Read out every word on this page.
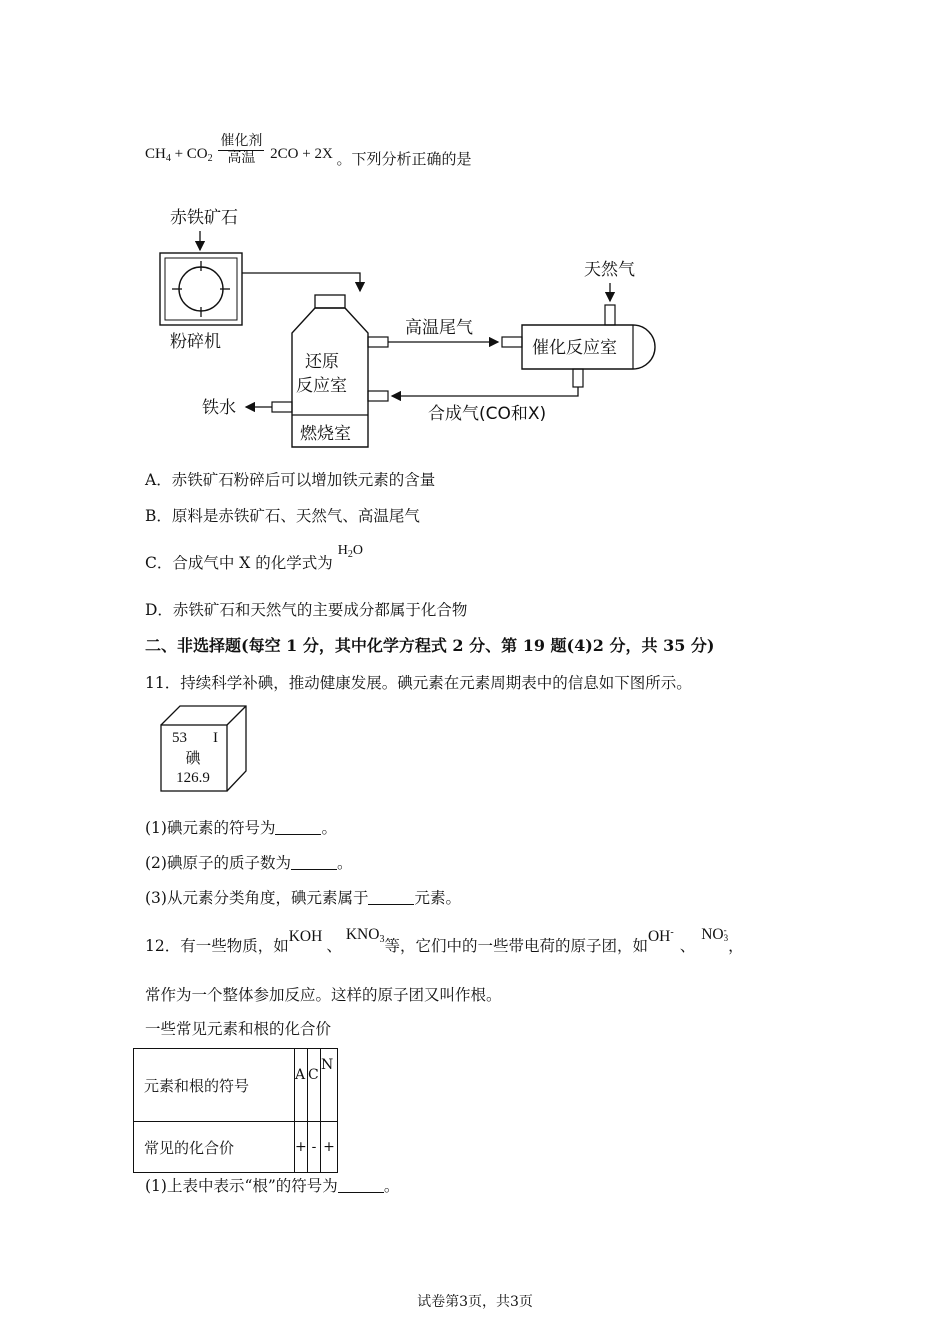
$CH_4 + CO_2 \frac{\text{催化剂}}{\text{高温}} 2CO + 2X$ 。下列分析正确的是
赤铁矿石
粉碎机
还原
反应室
燃烧室
铁水
高温尾气
催化反应室
天然气
合成气(CO和X)
A．赤铁矿石粉碎后可以增加铁元素的含量
B．原料是赤铁矿石、天然气、高温尾气
C．合成气中 X 的化学式为 $H_2O$
D．赤铁矿石和天然气的主要成分都属于化合物
二、非选择题(每空 1 分，其中化学方程式 2 分、第 19 题(4)2 分，共 35 分)
11．持续科学补碘，推动健康发展。碘元素在元素周期表中的信息如下图所示。
53 I
碘
126.9
(1)碘元素的符号为	。
(2)碘原子的质子数为	。
(3)从元素分类角度，碘元素属于	元素。
12．有一些物质，如KOH、$KNO_3$等，它们中的一些带电荷的原子团，如OH-、NO -
3 ，
常作为一个整体参加反应。这样的原子团又叫作根。
一些常见元素和根的化合价
元素和根的符号	A	C	N
常见的化合价	+	-	+
(1)上表中表示“根”的符号为	。
试卷第3页，共3页
